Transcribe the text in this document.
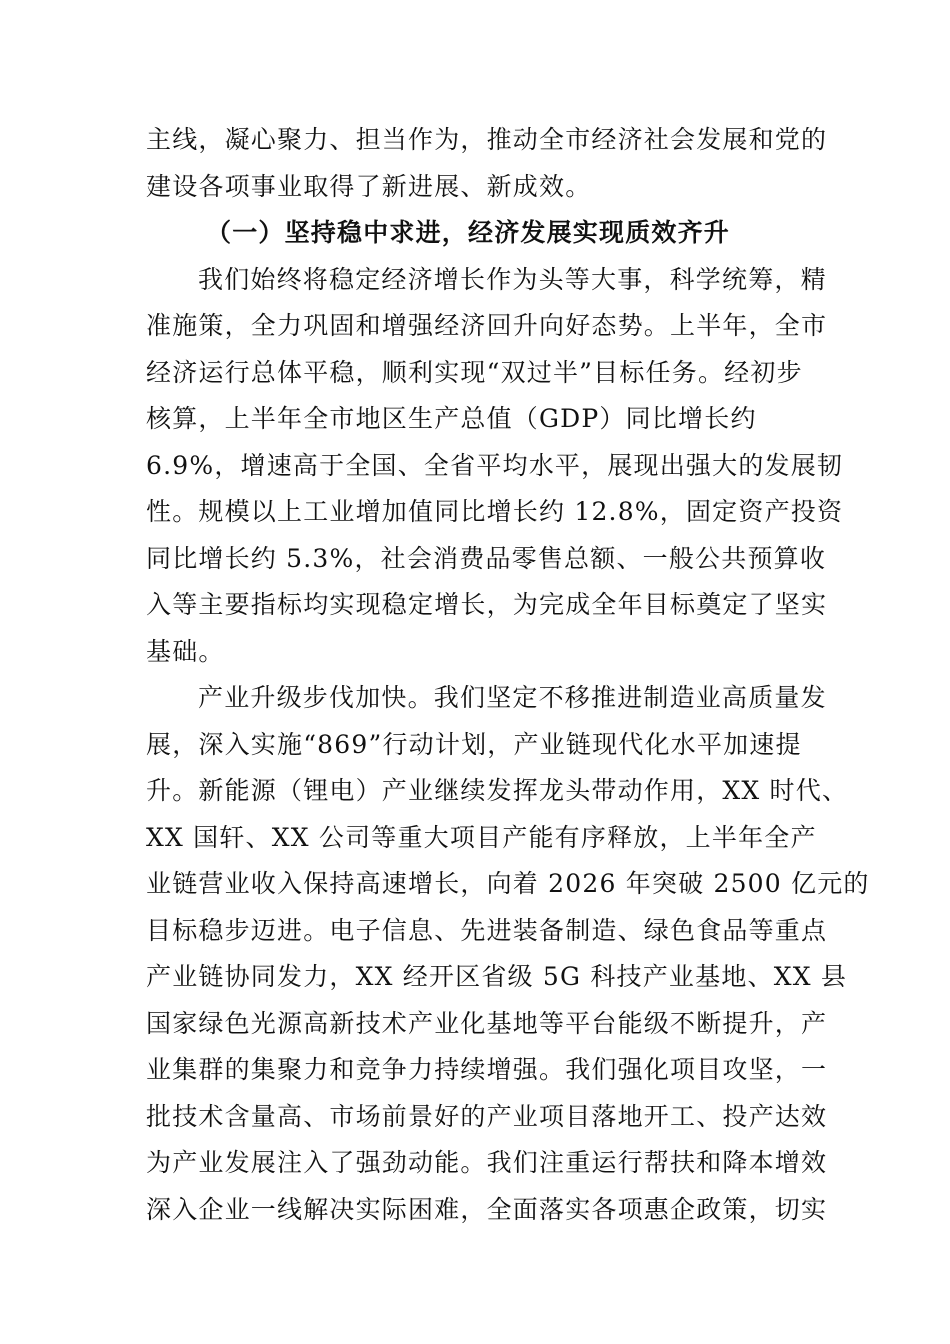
主线，凝心聚力、担当作为，推动全市经济社会发展和党的
建设各项事业取得了新进展、新成效。
（一）坚持稳中求进，经济发展实现质效齐升
我们始终将稳定经济增长作为头等大事，科学统筹，精
准施策，全力巩固和增强经济回升向好态势。上半年，全市
经济运行总体平稳，顺利实现“双过半”目标任务。经初步
核算，上半年全市地区生产总值（GDP）同比增长约
6.9%，增速高于全国、全省平均水平，展现出强大的发展韧
性。规模以上工业增加值同比增长约 12.8%，固定资产投资
同比增长约 5.3%，社会消费品零售总额、一般公共预算收
入等主要指标均实现稳定增长，为完成全年目标奠定了坚实
基础。
产业升级步伐加快。我们坚定不移推进制造业高质量发
展，深入实施“869”行动计划，产业链现代化水平加速提
升。新能源（锂电）产业继续发挥龙头带动作用，XX 时代、
XX 国轩、XX 公司等重大项目产能有序释放，上半年全产
业链营业收入保持高速增长，向着 2026 年突破 2500 亿元的
目标稳步迈进。电子信息、先进装备制造、绿色食品等重点
产业链协同发力，XX 经开区省级 5G 科技产业基地、XX 县
国家绿色光源高新技术产业化基地等平台能级不断提升，产
业集群的集聚力和竞争力持续增强。我们强化项目攻坚，一
批技术含量高、市场前景好的产业项目落地开工、投产达效
为产业发展注入了强劲动能。我们注重运行帮扶和降本增效
深入企业一线解决实际困难，全面落实各项惠企政策，切实
